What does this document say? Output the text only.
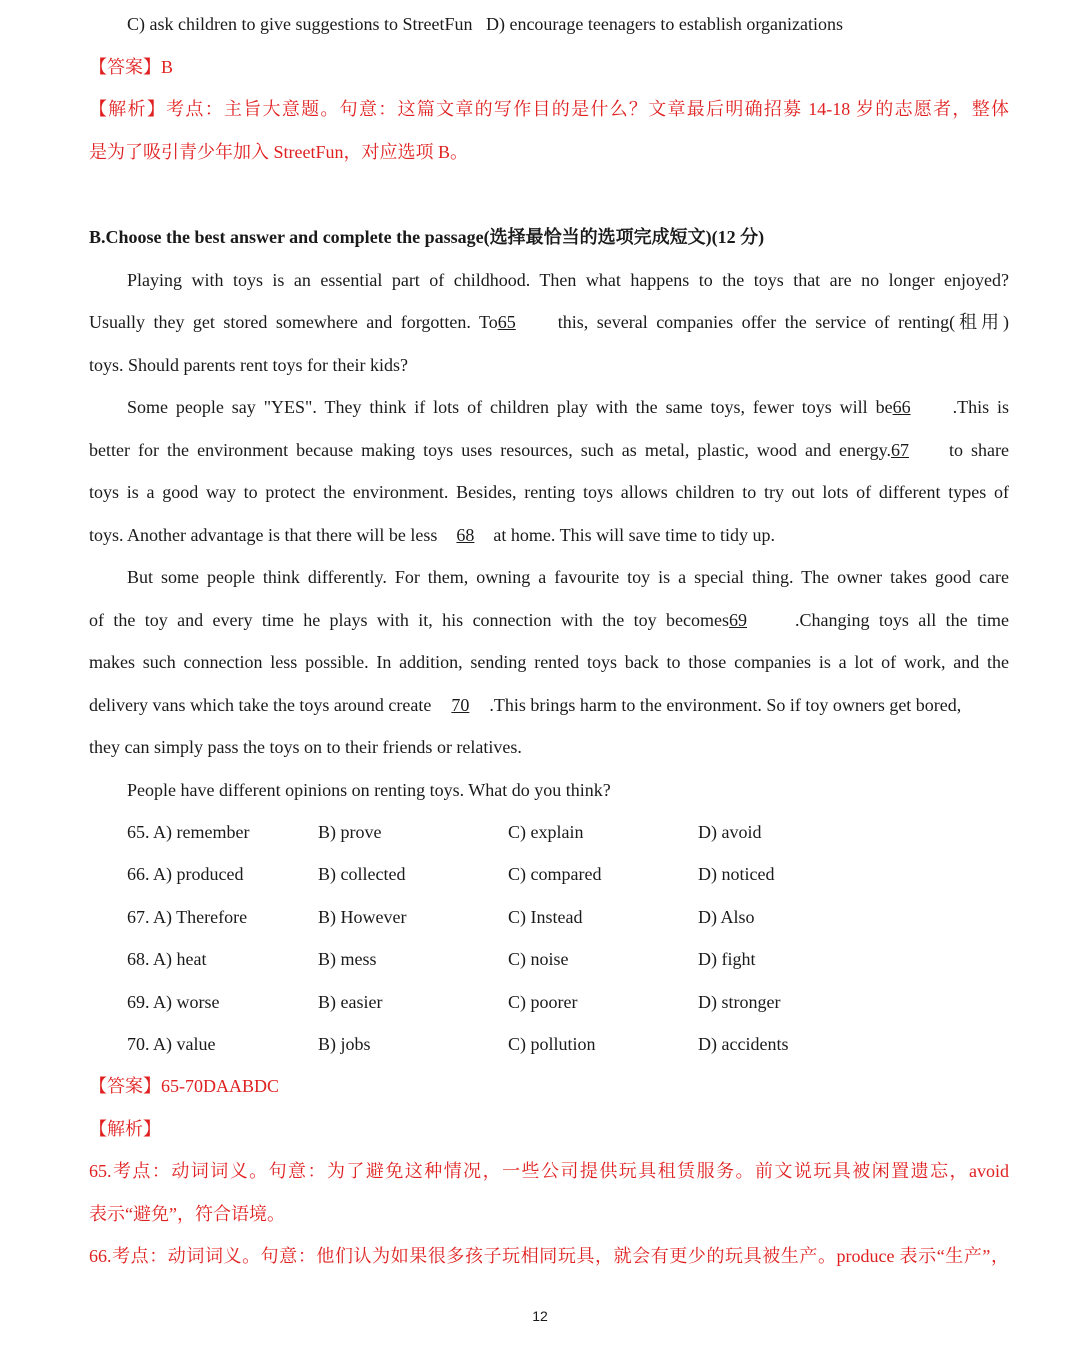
C) ask children to give suggestions to StreetFun   D) encourage teenagers to establish organizations
【答案】B
【解析】考点：主旨大意题。句意：这篇文章的写作目的是什么？文章最后明确招募 14-18 岁的志愿者，整体
是为了吸引青少年加入 StreetFun，对应选项 B。
B.Choose the best answer and complete the passage(选择最恰当的选项完成短文)(12 分)
Playing with toys is an essential part of childhood. Then what happens to the toys that are no longer enjoyed?
Usually they get stored somewhere and forgotten. To65 this, several companies offer the service of renting(租用)
toys. Should parents rent toys for their kids?
Some people say "YES". They think if lots of children play with the same toys, fewer toys will be66 .This is
better for the environment because making toys uses resources, such as metal, plastic, wood and energy.67 to share
toys is a good way to protect the environment. Besides, renting toys allows children to try out lots of different types of
toys. Another advantage is that there will be less 68 at home. This will save time to tidy up.
But some people think differently. For them, owning a favourite toy is a special thing. The owner takes good care
of the toy and every time he plays with it, his connection with the toy becomes69	.Changing toys all the time
makes such connection less possible. In addition, sending rented toys back to those companies is a lot of work, and the
delivery vans which take the toys around create 70 .This brings harm to the environment. So if toy owners get bored,
they can simply pass the toys on to their friends or relatives.
People have different opinions on renting toys. What do you think?
65. A) remember	B) prove	C) explain	D) avoid
66. A) produced	B) collected	C) compared	D) noticed
67. A) Therefore	B) However	C) Instead	D) Also
68. A) heat	B) mess	C) noise	D) fight
69. A) worse	B) easier	C) poorer	D) stronger
70. A) value	B) jobs	C) pollution	D) accidents
【答案】65-70DAABDC
【解析】
65.考点：动词词义。句意：为了避免这种情况，一些公司提供玩具租赁服务。前文说玩具被闲置遗忘，avoid
表示“避免”，符合语境。
66.考点：动词词义。句意：他们认为如果很多孩子玩相同玩具，就会有更少的玩具被生产。produce 表示“生产”，
12
